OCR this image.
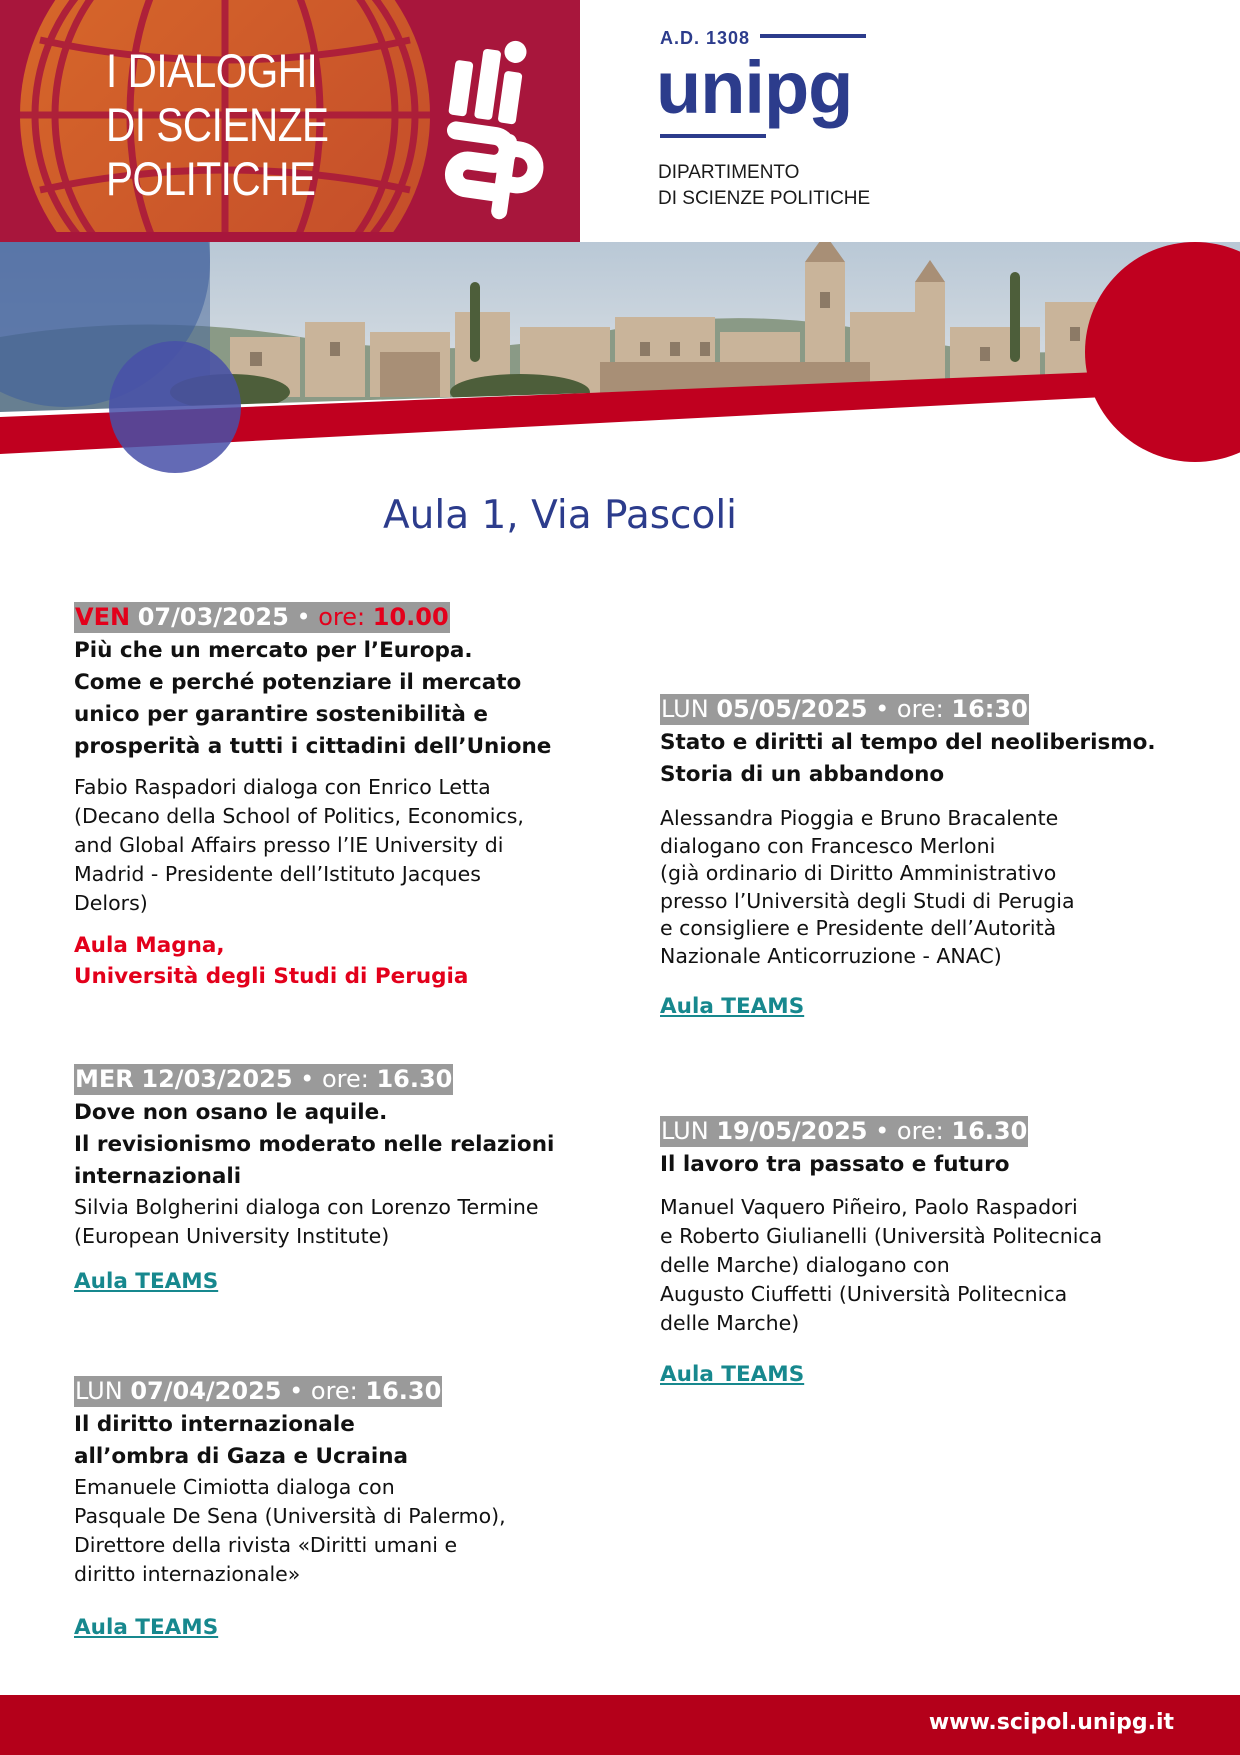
I DIALOGHI
DI SCIENZE
POLITICHE
A.D. 1308
unipg
DIPARTIMENTO
DI SCIENZE POLITICHE
Aula 1, Via Pascoli
VEN 07/03/2025 • ore: 10.00
Più che un mercato per l’Europa.
Come e perché potenziare il mercato
unico per garantire sostenibilità e
prosperità a tutti i cittadini dell’Unione
Fabio Raspadori dialoga con Enrico Letta
(Decano della School of Politics, Economics,
and Global Affairs presso l’IE University di
Madrid - Presidente dell’Istituto Jacques
Delors)
Aula Magna,
Università degli Studi di Perugia
MER 12/03/2025 • ore: 16.30
Dove non osano le aquile.
Il revisionismo moderato nelle relazioni
internazionali
Silvia Bolgherini dialoga con Lorenzo Termine
(European University Institute)
Aula TEAMS
LUN 07/04/2025 • ore: 16.30
Il diritto internazionale
all’ombra di Gaza e Ucraina
Emanuele Cimiotta dialoga con
Pasquale De Sena (Università di Palermo),
Direttore della rivista «Diritti umani e
diritto internazionale»
Aula TEAMS
LUN 05/05/2025 • ore: 16:30
Stato e diritti al tempo del neoliberismo.
Storia di un abbandono
Alessandra Pioggia e Bruno Bracalente
dialogano con Francesco Merloni
(già ordinario di Diritto Amministrativo
presso l’Università degli Studi di Perugia
e consigliere e Presidente dell’Autorità
Nazionale Anticorruzione - ANAC)
Aula TEAMS
LUN 19/05/2025 • ore: 16.30
Il lavoro tra passato e futuro
Manuel Vaquero Piñeiro, Paolo Raspadori
e Roberto Giulianelli (Università Politecnica
delle Marche) dialogano con
Augusto Ciuffetti (Università Politecnica
delle Marche)
Aula TEAMS
www.scipol.unipg.it
